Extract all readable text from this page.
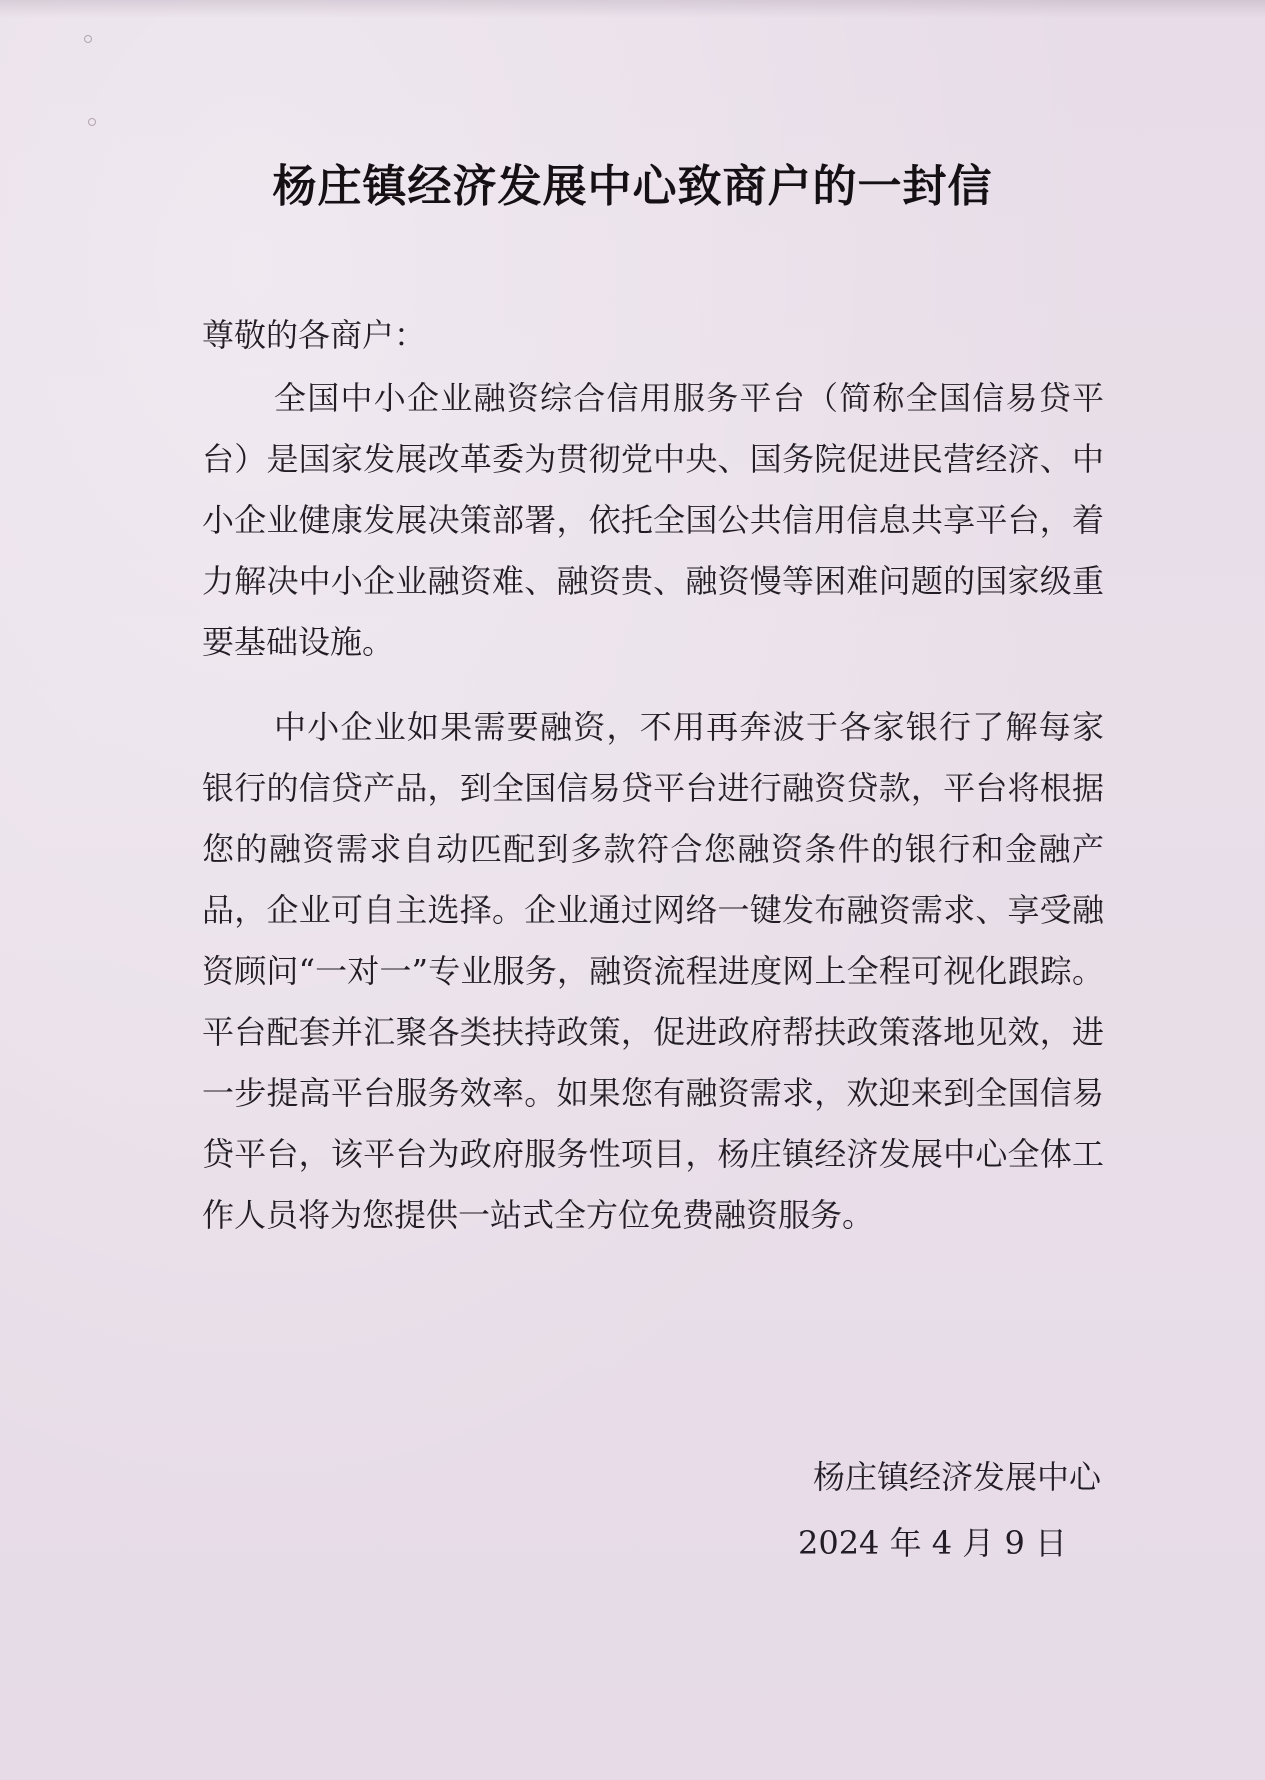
杨庄镇经济发展中心致商户的一封信
尊敬的各商户：
全国中小企业融资综合信用服务平台（简称全国信易贷平台）是国家发展改革委为贯彻党中央、国务院促进民营经济、中小企业健康发展决策部署，依托全国公共信用信息共享平台，着力解决中小企业融资难、融资贵、融资慢等困难问题的国家级重要基础设施。
中小企业如果需要融资，不用再奔波于各家银行了解每家银行的信贷产品，到全国信易贷平台进行融资贷款，平台将根据您的融资需求自动匹配到多款符合您融资条件的银行和金融产品，企业可自主选择。企业通过网络一键发布融资需求、享受融资顾问“一对一”专业服务，融资流程进度网上全程可视化跟踪。平台配套并汇聚各类扶持政策，促进政府帮扶政策落地见效，进一步提高平台服务效率。如果您有融资需求，欢迎来到全国信易贷平台，该平台为政府服务性项目，杨庄镇经济发展中心全体工作人员将为您提供一站式全方位免费融资服务。
杨庄镇经济发展中心
2024 年 4 月 9 日
